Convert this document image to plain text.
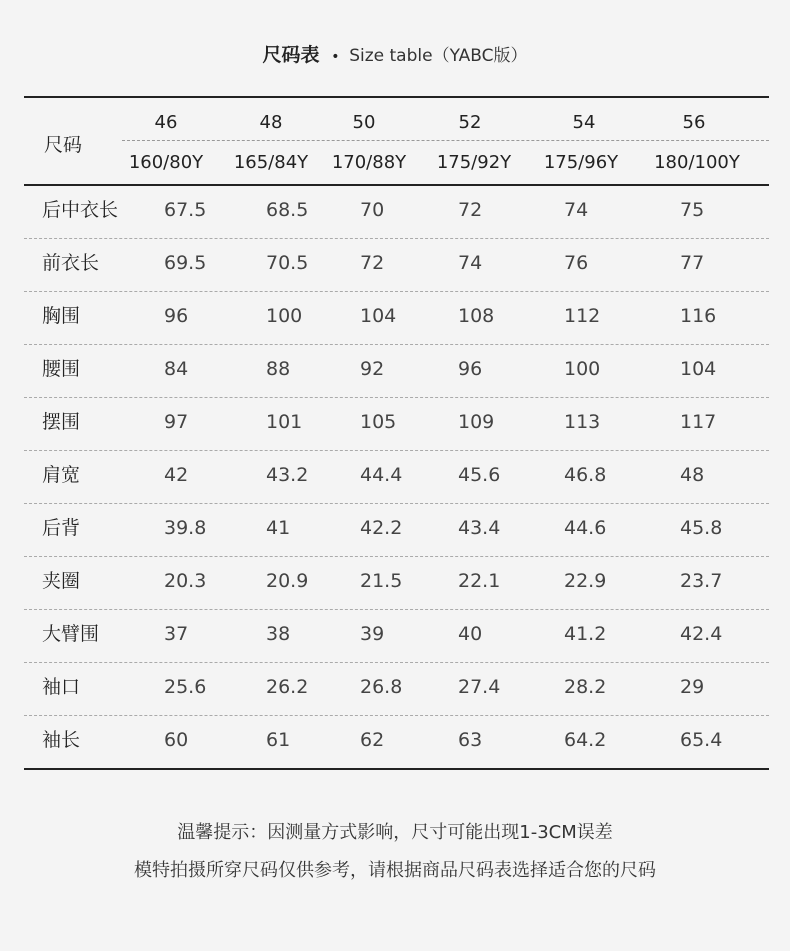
尺码表 • Size table（YABC版）
尺码
46	48	50	52	54	56
160/80Y	165/84Y	170/88Y	175/92Y	175/96Y	180/100Y
后中衣长 67.5	68.5	70	72	74	75
前衣长	69.5	70.5	72	74	76	77
胸围	96	100	104	108	112	116
腰围	84	88	92	96	100	104
摆围	97	101	105	109	113	117
肩宽	42	43.2	44.4	45.6	46.8	48
后背	39.8	41	42.2	43.4	44.6	45.8
夹圈	20.3	20.9	21.5	22.1	22.9	23.7
大臂围	37	38	39	40	41.2	42.4
袖口	25.6	26.2	26.8	27.4	28.2	29
袖长	60	61	62	63	64.2	65.4
温馨提示：因测量方式影响，尺寸可能出现1-3CM误差
模特拍摄所穿尺码仅供参考，请根据商品尺码表选择适合您的尺码
